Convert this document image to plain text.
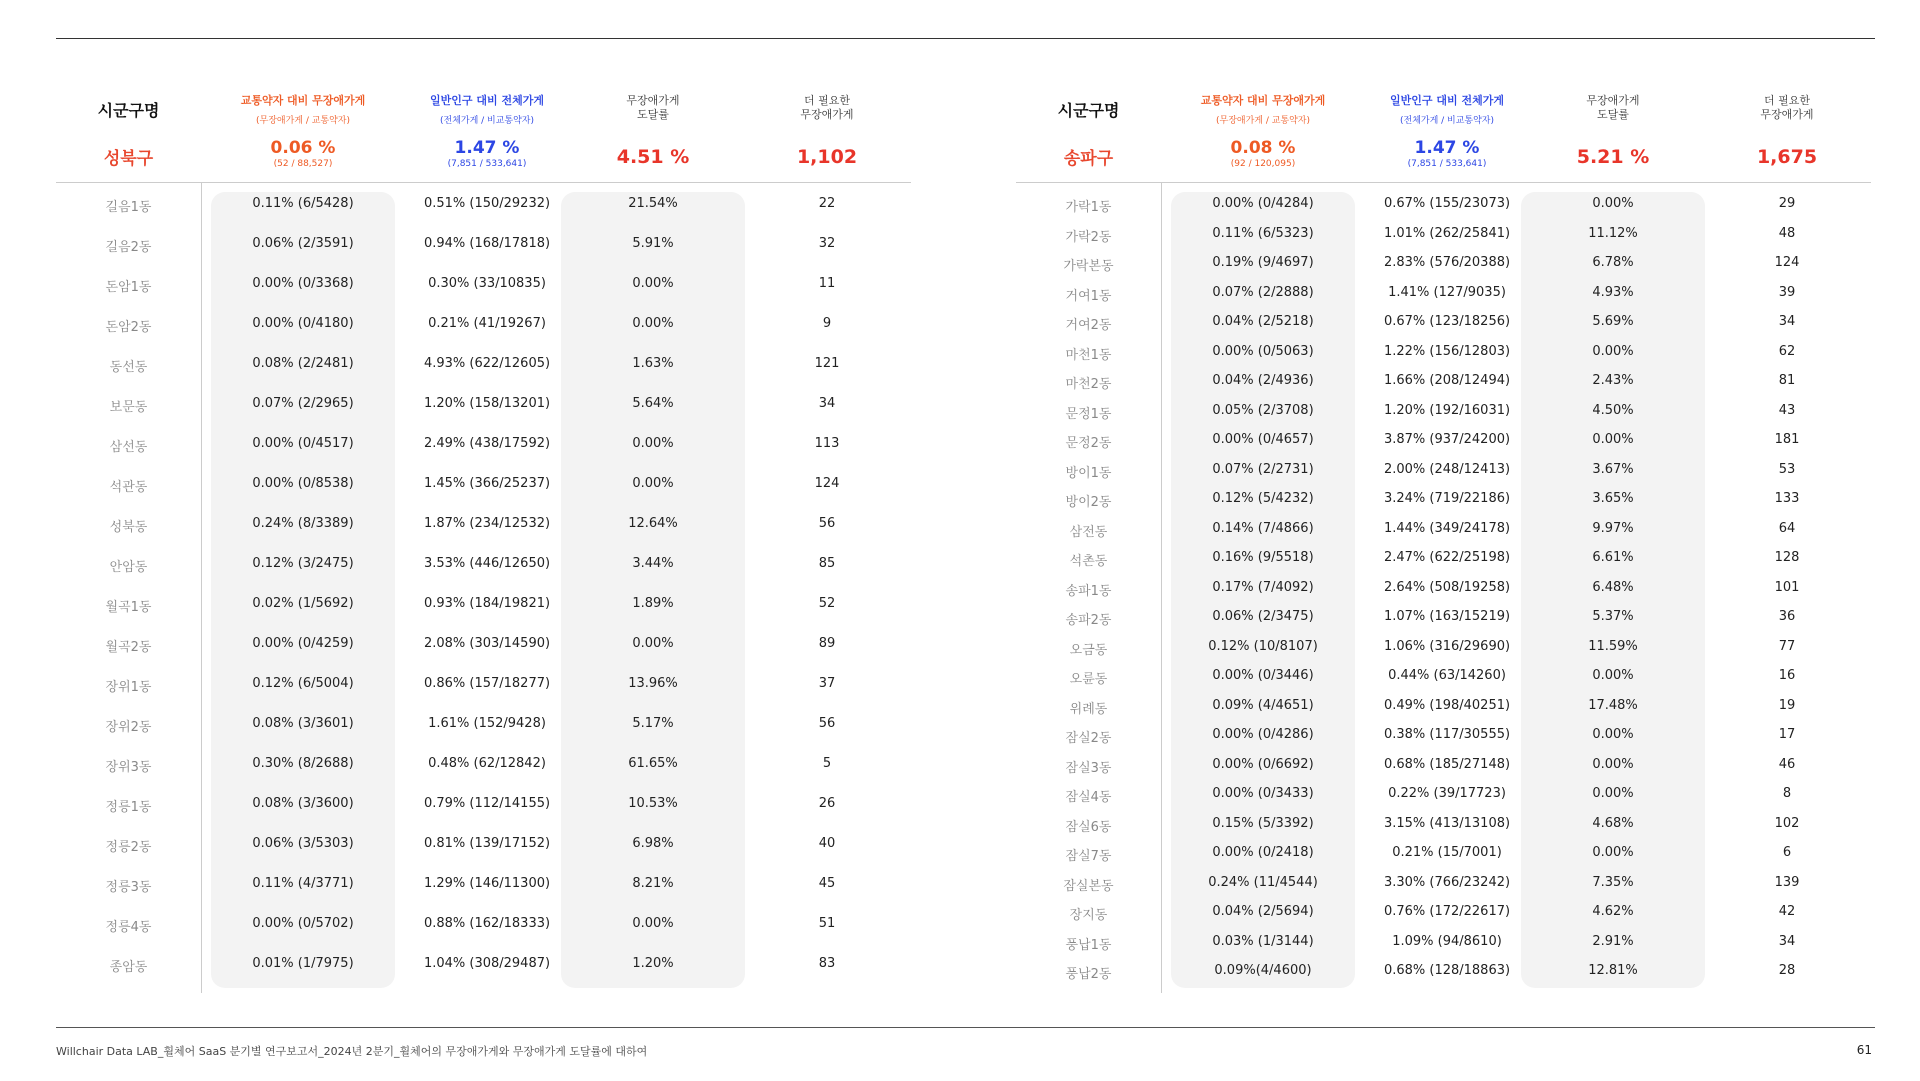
시군구명
성북구
교통약자 대비 무장애가게
(무장애가게 / 교통약자)
0.06 %
(52 / 88,527)
일반인구 대비 전체가게
(전체가게 / 비교통약자)
1.47 %
(7,851 / 533,641)
무장애가게
도달률
4.51 %
더 필요한
무장애가게
1,102
길음1동	0.11% (6/5428)	0.51% (150/29232)	21.54%	22
길음2동	0.06% (2/3591)	0.94% (168/17818)	5.91%	32
돈암1동	0.00% (0/3368)	0.30% (33/10835)	0.00%	11
돈암2동	0.00% (0/4180)	0.21% (41/19267)	0.00%	9
동선동	0.08% (2/2481)	4.93% (622/12605)	1.63%	121
보문동	0.07% (2/2965)	1.20% (158/13201)	5.64%	34
삼선동	0.00% (0/4517)	2.49% (438/17592)	0.00%	113
석관동	0.00% (0/8538)	1.45% (366/25237)	0.00%	124
성북동	0.24% (8/3389)	1.87% (234/12532)	12.64%	56
안암동	0.12% (3/2475)	3.53% (446/12650)	3.44%	85
월곡1동	0.02% (1/5692)	0.93% (184/19821)	1.89%	52
월곡2동	0.00% (0/4259)	2.08% (303/14590)	0.00%	89
장위1동	0.12% (6/5004)	0.86% (157/18277)	13.96%	37
장위2동	0.08% (3/3601)	1.61% (152/9428)	5.17%	56
장위3동	0.30% (8/2688)	0.48% (62/12842)	61.65%	5
정릉1동	0.08% (3/3600)	0.79% (112/14155)	10.53%	26
정릉2동	0.06% (3/5303)	0.81% (139/17152)	6.98%	40
정릉3동	0.11% (4/3771)	1.29% (146/11300)	8.21%	45
정릉4동	0.00% (0/5702)	0.88% (162/18333)	0.00%	51
종암동	0.01% (1/7975)	1.04% (308/29487)	1.20%	83
시군구명
송파구
교통약자 대비 무장애가게
(무장애가게 / 교통약자)
0.08 %
(92 / 120,095)
일반인구 대비 전체가게
(전체가게 / 비교통약자)
1.47 %
(7,851 / 533,641)
무장애가게
도달률
5.21 %
더 필요한
무장애가게
1,675
가락1동	0.00% (0/4284)	0.67% (155/23073)	0.00%	29
가락2동	0.11% (6/5323)	1.01% (262/25841)	11.12%	48
가락본동	0.19% (9/4697)	2.83% (576/20388)	6.78%	124
거여1동	0.07% (2/2888)	1.41% (127/9035)	4.93%	39
거여2동	0.04% (2/5218)	0.67% (123/18256)	5.69%	34
마천1동	0.00% (0/5063)	1.22% (156/12803)	0.00%	62
마천2동	0.04% (2/4936)	1.66% (208/12494)	2.43%	81
문정1동	0.05% (2/3708)	1.20% (192/16031)	4.50%	43
문정2동	0.00% (0/4657)	3.87% (937/24200)	0.00%	181
방이1동	0.07% (2/2731)	2.00% (248/12413)	3.67%	53
방이2동	0.12% (5/4232)	3.24% (719/22186)	3.65%	133
삼전동	0.14% (7/4866)	1.44% (349/24178)	9.97%	64
석촌동	0.16% (9/5518)	2.47% (622/25198)	6.61%	128
송파1동	0.17% (7/4092)	2.64% (508/19258)	6.48%	101
송파2동	0.06% (2/3475)	1.07% (163/15219)	5.37%	36
오금동	0.12% (10/8107)	1.06% (316/29690)	11.59%	77
오륜동	0.00% (0/3446)	0.44% (63/14260)	0.00%	16
위례동	0.09% (4/4651)	0.49% (198/40251)	17.48%	19
잠실2동	0.00% (0/4286)	0.38% (117/30555)	0.00%	17
잠실3동	0.00% (0/6692)	0.68% (185/27148)	0.00%	46
잠실4동	0.00% (0/3433)	0.22% (39/17723)	0.00%	8
잠실6동	0.15% (5/3392)	3.15% (413/13108)	4.68%	102
잠실7동	0.00% (0/2418)	0.21% (15/7001)	0.00%	6
잠실본동	0.24% (11/4544)	3.30% (766/23242)	7.35%	139
장지동	0.04% (2/5694)	0.76% (172/22617)	4.62%	42
풍납1동	0.03% (1/3144)	1.09% (94/8610)	2.91%	34
풍납2동	0.09%(4/4600)	0.68% (128/18863)	12.81%	28
Willchair Data LAB_휠체어 SaaS 분기별 연구보고서_2024년 2분기_휠체어의 무장애가게와 무장애가게 도달률에 대하여	61
